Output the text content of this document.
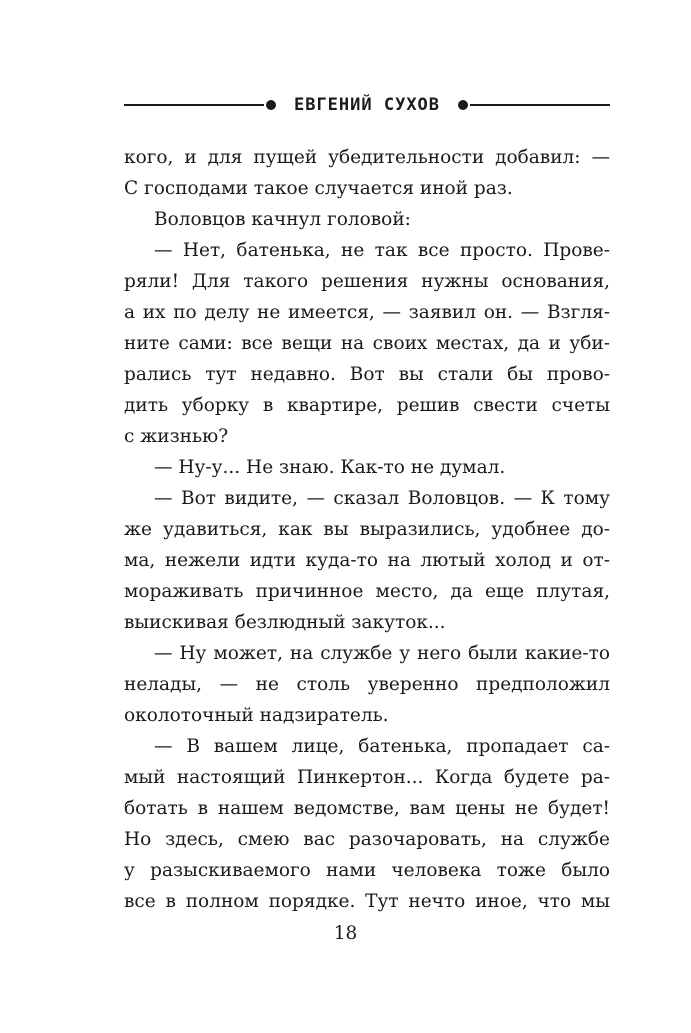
ЕВГЕНИЙ СУХОВ
кого, и для пущей убедительности добавил: —
С господами такое случается иной раз.
Воловцов качнул головой:
— Нет, батенька, не так все просто. Прове-
ряли! Для такого решения нужны основания,
а их по делу не имеется, — заявил он. — Взгля-
ните сами: все вещи на своих местах, да и уби-
рались тут недавно. Вот вы стали бы прово-
дить уборку в квартире, решив свести счеты
с жизнью?
— Ну-у... Не знаю. Как-то не думал.
— Вот видите, — сказал Воловцов. — К тому
же удавиться, как вы выразились, удобнее до-
ма, нежели идти куда-то на лютый холод и от-
мораживать причинное место, да еще плутая,
выискивая безлюдный закуток...
— Ну может, на службе у него были какие-то
нелады, — не столь уверенно предположил
околоточный надзиратель.
— В вашем лице, батенька, пропадает са-
мый настоящий Пинкертон... Когда будете ра-
ботать в нашем ведомстве, вам цены не будет!
Но здесь, смею вас разочаровать, на службе
у разыскиваемого нами человека тоже было
все в полном порядке. Тут нечто иное, что мы
18
